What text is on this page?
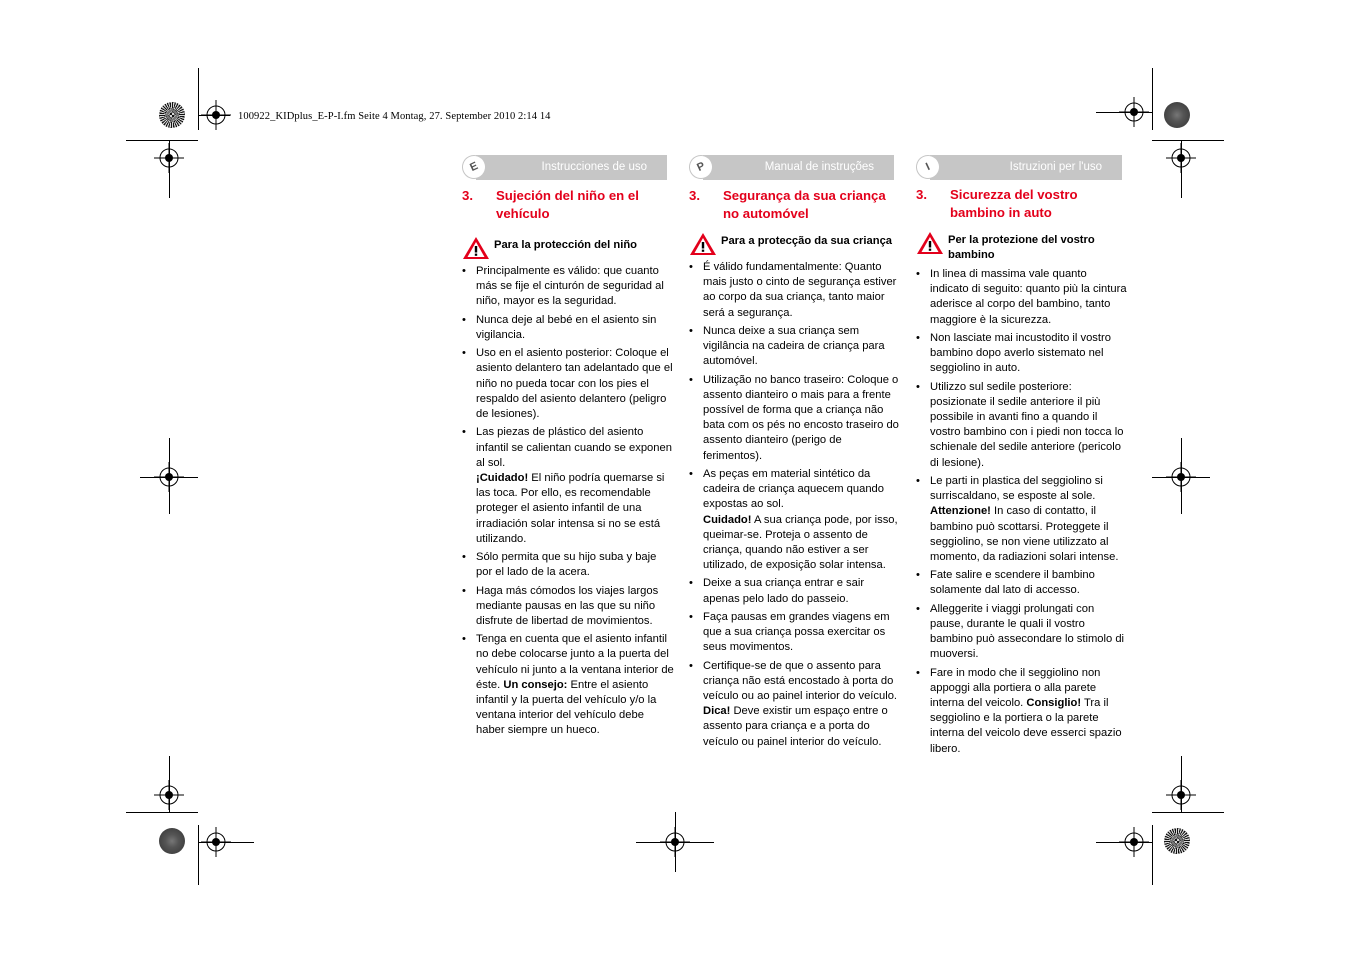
100922_KIDplus_E-P-I.fm Seite 4 Montag, 27. September 2010 2:14 14
E	Instrucciones de uso	P	Manual de instruções	I	Istruzioni per l'uso
3.	Sujeción del niño en el vehículo
Para la protección del niño

• Principalmente es válido: que cuanto más se fije el cinturón de seguridad al niño, mayor es la seguridad.

• Nunca deje al bebé en el asiento sin vigilancia.

• Uso en el asiento posterior: Coloque el asiento delantero tan adelantado que el niño no pueda tocar con los pies el respaldo del asiento delantero (peligro de lesiones).

• Las piezas de plástico del asiento infantil se calientan cuando se exponen al sol.
¡Cuidado! El niño podría quemarse si las toca. Por ello, es recomendable proteger el asiento infantil de una irradiación solar intensa si no se está utilizando.

• Sólo permita que su hijo suba y baje por el lado de la acera.

• Haga más cómodos los viajes largos mediante pausas en las que su niño disfrute de libertad de movimientos.

• Tenga en cuenta que el asiento infantil no debe colocarse junto a la puerta del vehículo ni junto a la ventana interior de éste. Un consejo: Entre el asiento infantil y la puerta del vehículo y/o la ventana interior del vehículo debe haber siempre un hueco.

3.	Segurança da sua criança no automóvel
Para a protecção da sua criança

• É válido fundamentalmente: Quanto mais justo o cinto de segurança estiver ao corpo da sua criança, tanto maior será a segurança.

• Nunca deixe a sua criança sem vigilância na cadeira de criança para automóvel.

• Utilização no banco traseiro: Coloque o assento dianteiro o mais para a frente possível de forma que a criança não bata com os pés no encosto traseiro do assento dianteiro (perigo de ferimentos).

• As peças em material sintético da cadeira de criança aquecem quando expostas ao sol.
Cuidado! A sua criança pode, por isso, queimar-se. Proteja o assento de criança, quando não estiver a ser utilizado, de exposição solar intensa.

• Deixe a sua criança entrar e sair apenas pelo lado do passeio.

• Faça pausas em grandes viagens em que a sua criança possa exercitar os seus movimentos.

• Certifique-se de que o assento para criança não está encostado à porta do veículo ou ao painel interior do veículo. Dica! Deve existir um espaço entre o assento para criança e a porta do veículo ou painel interior do veículo.

3.	Sicurezza del vostro bambino in auto
Per la protezione del vostro bambino

• In linea di massima vale quanto indicato di seguito: quanto più la cintura aderisce al corpo del bambino, tanto maggiore è la sicurezza.

• Non lasciate mai incustodito il vostro bambino dopo averlo sistemato nel seggiolino in auto.

• Utilizzo sul sedile posteriore: posizionate il sedile anteriore il più possibile in avanti fino a quando il vostro bambino con i piedi non tocca lo schienale del sedile anteriore (pericolo di lesione).

• Le parti in plastica del seggiolino si surriscaldano, se esposte al sole.
Attenzione! In caso di contatto, il bambino può scottarsi. Proteggete il seggiolino, se non viene utilizzato al momento, da radiazioni solari intense.

• Fate salire e scendere il bambino solamente dal lato di accesso.

• Alleggerite i viaggi prolungati con pause, durante le quali il vostro bambino può assecondare lo stimolo di muoversi.

• Fare in modo che il seggiolino non appoggi alla portiera o alla parete interna del veicolo. Consiglio! Tra il seggiolino e la portiera o la parete interna del veicolo deve esserci spazio libero.
